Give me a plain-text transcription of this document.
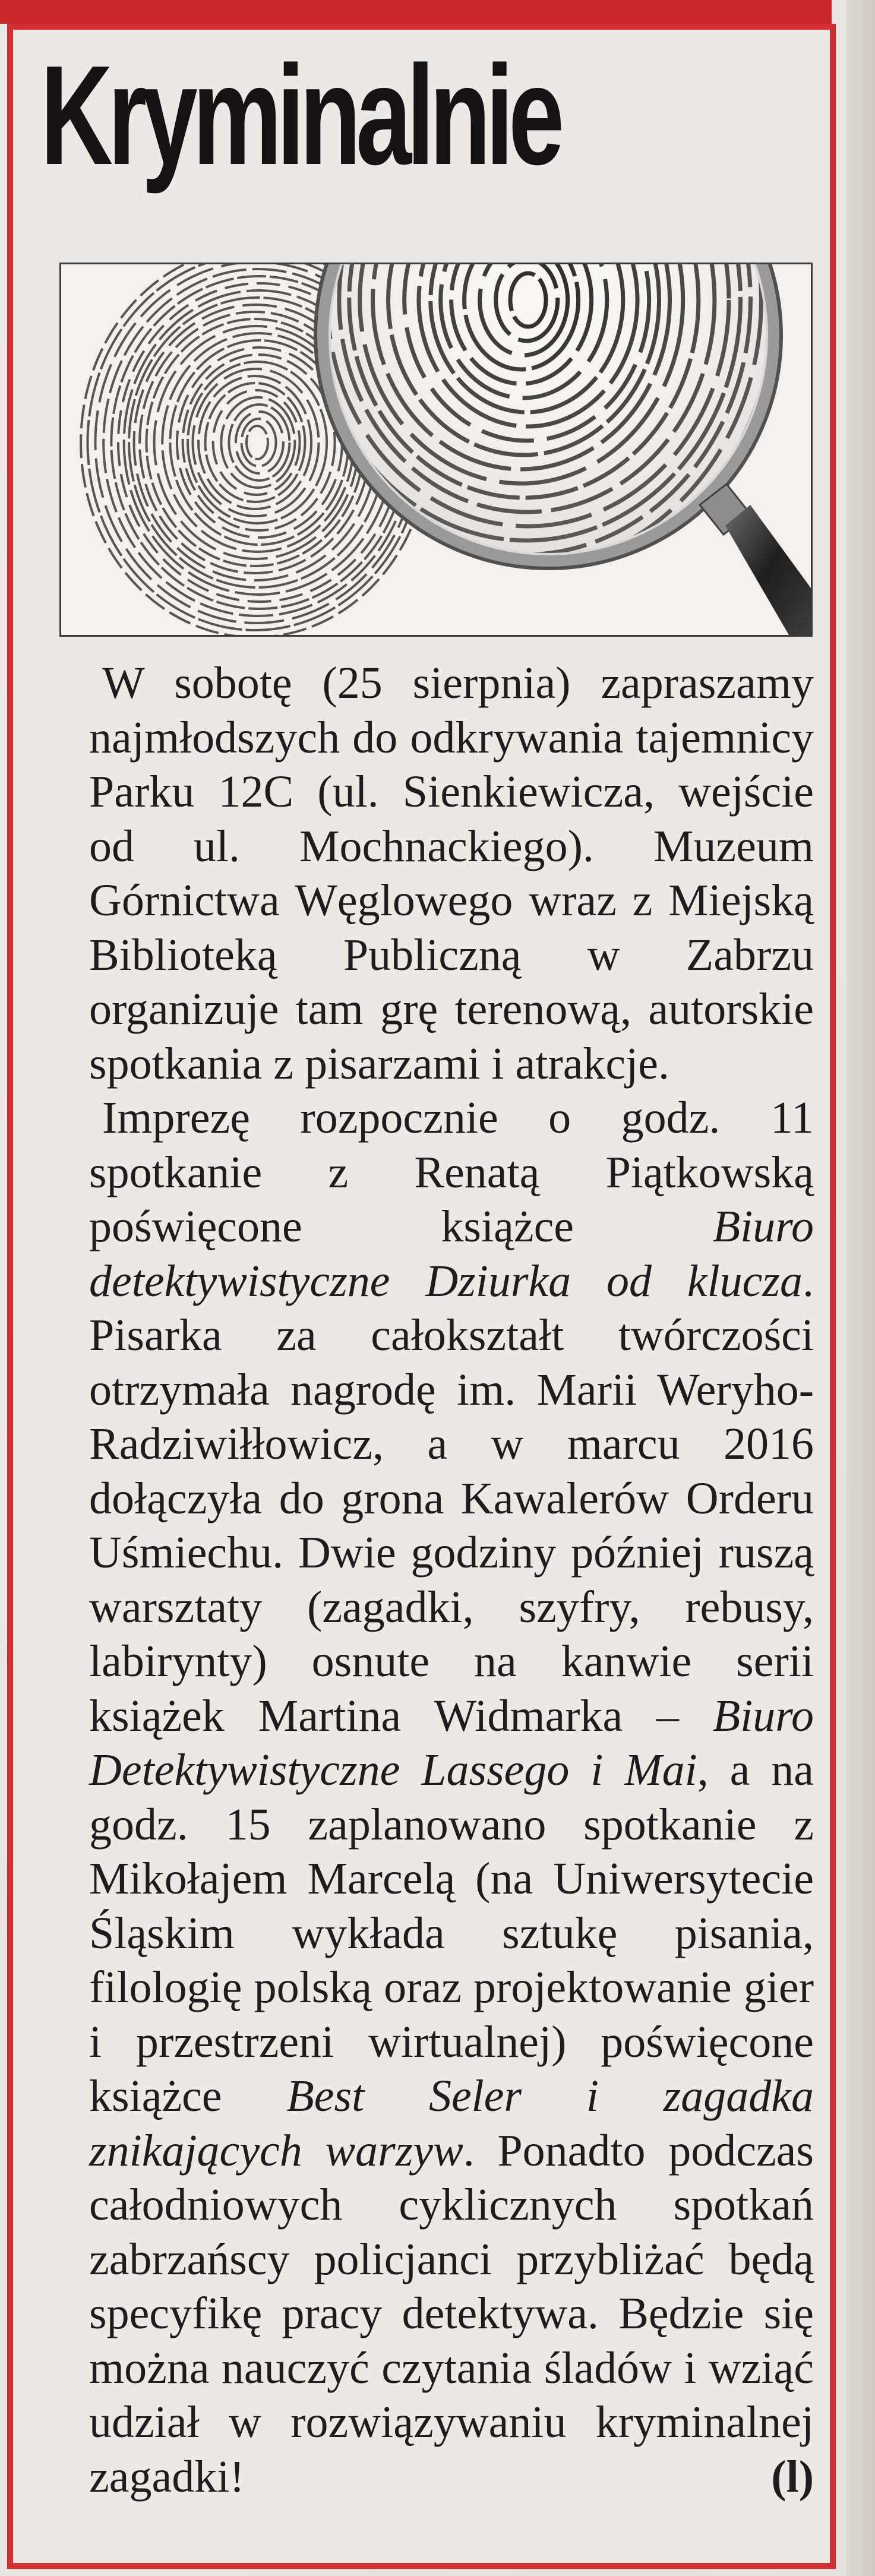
Kryminalnie

W sobotę (25 sierpnia) zapraszamy najmłodszych do odkrywania tajemnicy Parku 12C (ul. Sienkiewicza, wejście od ul. Mochnackiego). Muzeum Górnictwa Węglowego wraz z Miejską Biblioteką Publiczną w Zabrzu organizuje tam grę terenową, autorskie spotkania z pisarzami i atrakcje.

Imprezę rozpocznie o godz. 11 spotkanie z Renatą Piątkowską poświęcone książce Biuro detektywistyczne Dziurka od klucza. Pisarka za całokształt twórczości otrzymała nagrodę im. Marii Weryho-Radziwiłłowicz, a w marcu 2016 dołączyła do grona Kawalerów Orderu Uśmiechu. Dwie godziny później ruszą warsztaty (zagadki, szyfry, rebusy, labirynty) osnute na kanwie serii książek Martina Widmarka – Biuro Detektywistyczne Lassego i Mai, a na godz. 15 zaplanowano spotkanie z Mikołajem Marcelą (na Uniwersytecie Śląskim wykłada sztukę pisania, filologię polską oraz projektowanie gier i przestrzeni wirtualnej) poświęcone książce Best Seler i zagadka znikających warzyw. Ponadto podczas całodniowych cyklicznych spotkań zabrzańscy policjanci przybliżać będą specyfikę pracy detektywa. Będzie się można nauczyć czytania śladów i wziąć udział w rozwiązywaniu kryminalnej zagadki!	(l)
